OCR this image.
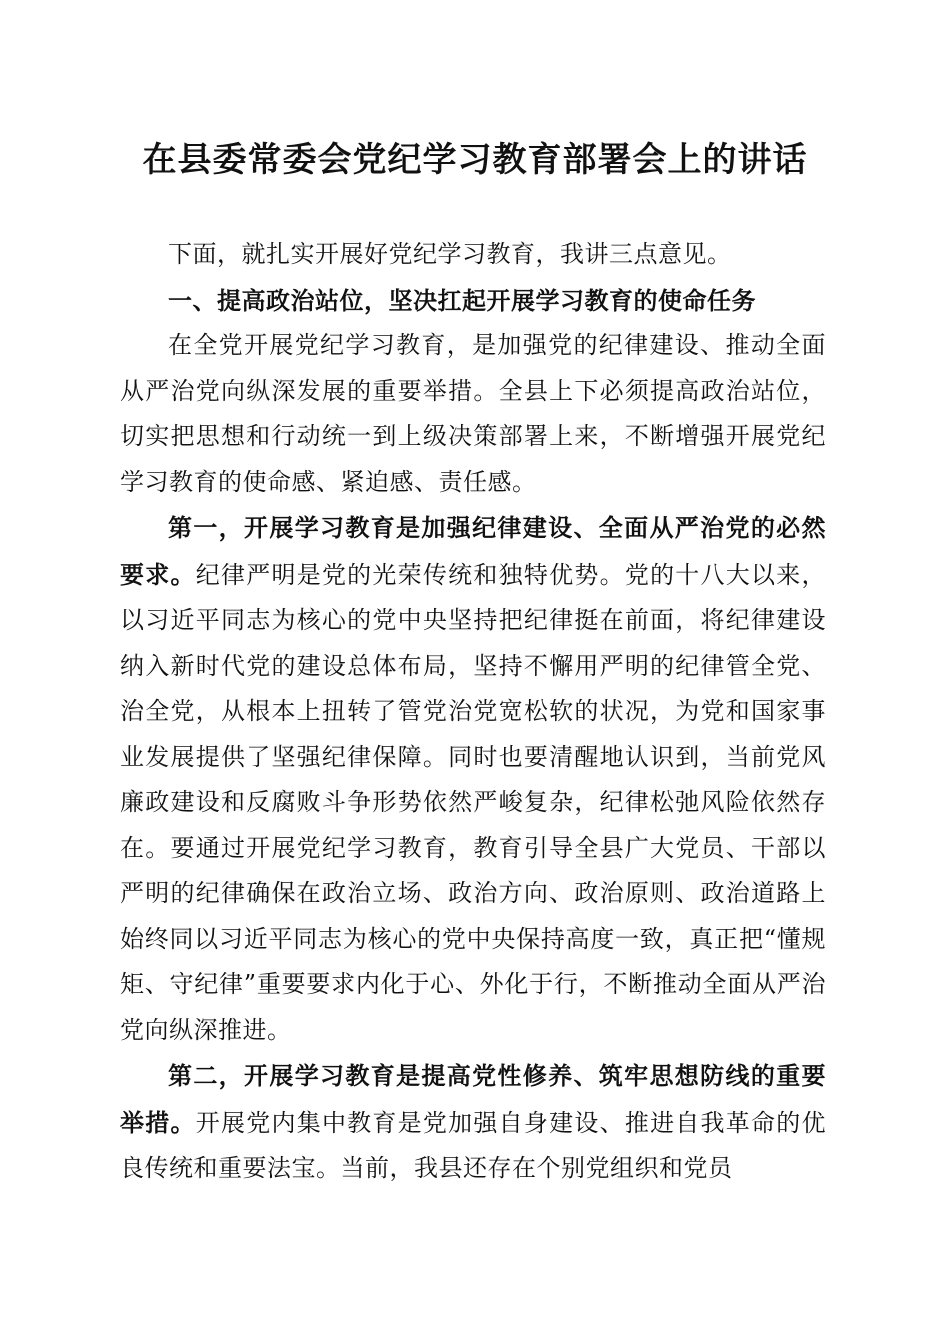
在县委常委会党纪学习教育部署会上的讲话

下面，就扎实开展好党纪学习教育，我讲三点意见。

一、提高政治站位，坚决扛起开展学习教育的使命任务

在全党开展党纪学习教育，是加强党的纪律建设、推动全面从严治党向纵深发展的重要举措。全县上下必须提高政治站位，切实把思想和行动统一到上级决策部署上来，不断增强开展党纪学习教育的使命感、紧迫感、责任感。

第一，开展学习教育是加强纪律建设、全面从严治党的必然要求。纪律严明是党的光荣传统和独特优势。党的十八大以来，以习近平同志为核心的党中央坚持把纪律挺在前面，将纪律建设纳入新时代党的建设总体布局，坚持不懈用严明的纪律管全党、治全党，从根本上扭转了管党治党宽松软的状况，为党和国家事业发展提供了坚强纪律保障。同时也要清醒地认识到，当前党风廉政建设和反腐败斗争形势依然严峻复杂，纪律松弛风险依然存在。要通过开展党纪学习教育，教育引导全县广大党员、干部以严明的纪律确保在政治立场、政治方向、政治原则、政治道路上始终同以习近平同志为核心的党中央保持高度一致，真正把“懂规矩、守纪律”重要要求内化于心、外化于行，不断推动全面从严治党向纵深推进。

第二，开展学习教育是提高党性修养、筑牢思想防线的重要举措。开展党内集中教育是党加强自身建设、推进自我革命的优良传统和重要法宝。当前，我县还存在个别党组织和党员
